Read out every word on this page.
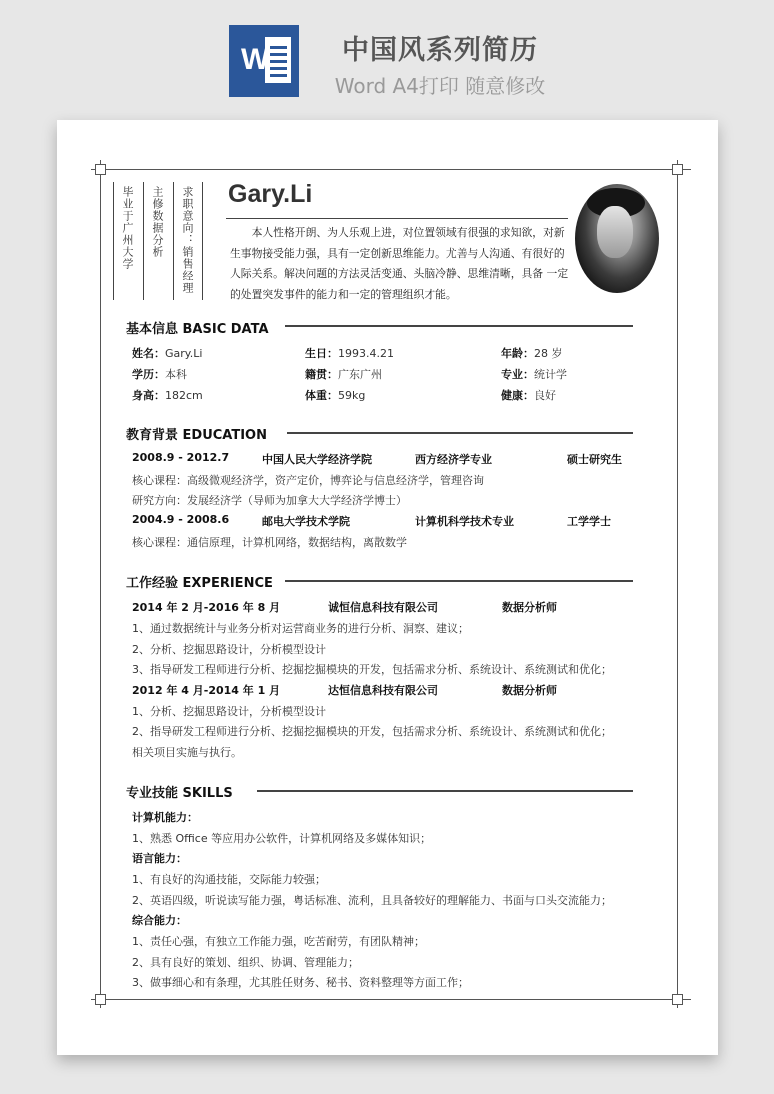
W	中国风系列简历
Word A4打印 随意修改
毕业于广州大学 主修数据分析 求职意向：销售经理 Gary.Li
本人性格开朗、为人乐观上进，对位置领域有很强的求知欲，对新生事物接受能力强，具有一定创新思维能力。尤善与人沟通、有很好的人际关系。解决问题的方法灵活变通、头脑冷静、思维清晰，具备 一定的处置突发事件的能力和一定的管理组织才能。
基本信息 BASIC DATA
姓名：Gary.Li	生日：1993.4.21	年龄：28 岁
学历：本科	籍贯：广东广州	专业：统计学
身高：182cm	体重：59kg	健康：良好
教育背景 EDUCATION
2008.9 - 2012.7	中国人民大学经济学院	西方经济学专业	硕士研究生
核心课程：高级微观经济学，资产定价，博弈论与信息经济学，管理咨询
研究方向：发展经济学（导师为加拿大大学经济学博士）
2004.9 - 2008.6	邮电大学技术学院	计算机科学技术专业	工学学士
核心课程：通信原理，计算机网络，数据结构，离散数学
工作经验 EXPERIENCE
2014 年 2 月-2016 年 8 月	诚恒信息科技有限公司	数据分析师
1、通过数据统计与业务分析对运营商业务的进行分析、洞察、建议；
2、分析、挖掘思路设计，分析模型设计
3、指导研发工程师进行分析、挖掘挖掘模块的开发，包括需求分析、系统设计、系统测试和优化；
2012 年 4 月-2014 年 1 月	达恒信息科技有限公司	数据分析师
1、分析、挖掘思路设计，分析模型设计
2、指导研发工程师进行分析、挖掘挖掘模块的开发，包括需求分析、系统设计、系统测试和优化；
相关项目实施与执行。
专业技能 SKILLS
计算机能力：
1、熟悉 Office 等应用办公软件，计算机网络及多媒体知识；
语言能力：
1、有良好的沟通技能，交际能力较强；
2、英语四级，听说读写能力强，粤话标准、流利，且具备较好的理解能力、书面与口头交流能力；
综合能力：
1、责任心强，有独立工作能力强，吃苦耐劳，有团队精神；
2、具有良好的策划、组织、协调、管理能力；
3、做事细心和有条理，尤其胜任财务、秘书、资料整理等方面工作；
